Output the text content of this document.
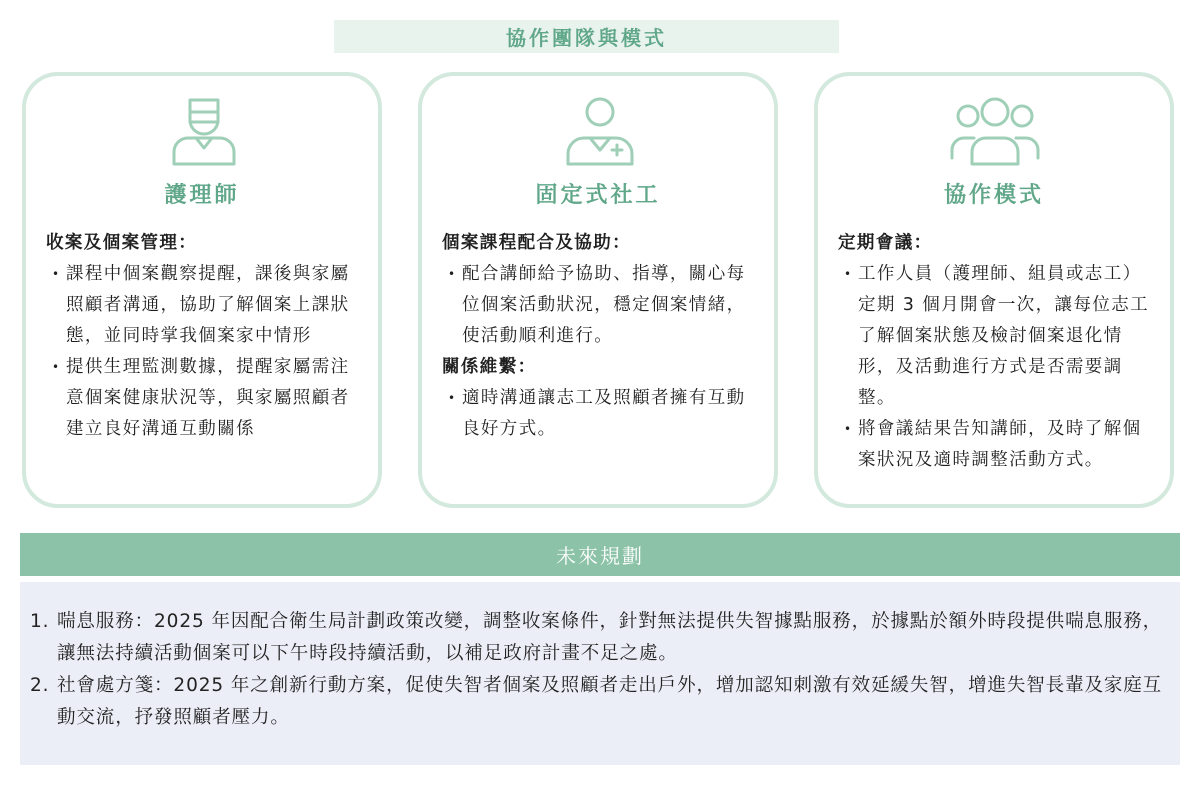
協作團隊與模式
護理師
收案及個案管理：
• 課程中個案觀察提醒，課後與家屬照顧者溝通，協助了解個案上課狀態，並同時掌我個案家中情形
• 提供生理監測數據，提醒家屬需注意個案健康狀況等，與家屬照顧者建立良好溝通互動關係
固定式社工
個案課程配合及協助：
• 配合講師給予協助、指導，關心每位個案活動狀況，穩定個案情緒，使活動順利進行。
關係維繫：
• 適時溝通讓志工及照顧者擁有互動良好方式。
協作模式
定期會議：
• 工作人員（護理師、組員或志工）定期 3 個月開會一次，讓每位志工了解個案狀態及檢討個案退化情形，及活動進行方式是否需要調整。
• 將會議結果告知講師，及時了解個案狀況及適時調整活動方式。
未來規劃
1. 喘息服務：2025 年因配合衛生局計劃政策改變，調整收案條件，針對無法提供失智據點服務，於據點於額外時段提供喘息服務，讓無法持續活動個案可以下午時段持續活動，以補足政府計畫不足之處。
2. 社會處方箋：2025 年之創新行動方案，促使失智者個案及照顧者走出戶外，增加認知刺激有效延緩失智，增進失智長輩及家庭互動交流，抒發照顧者壓力。
